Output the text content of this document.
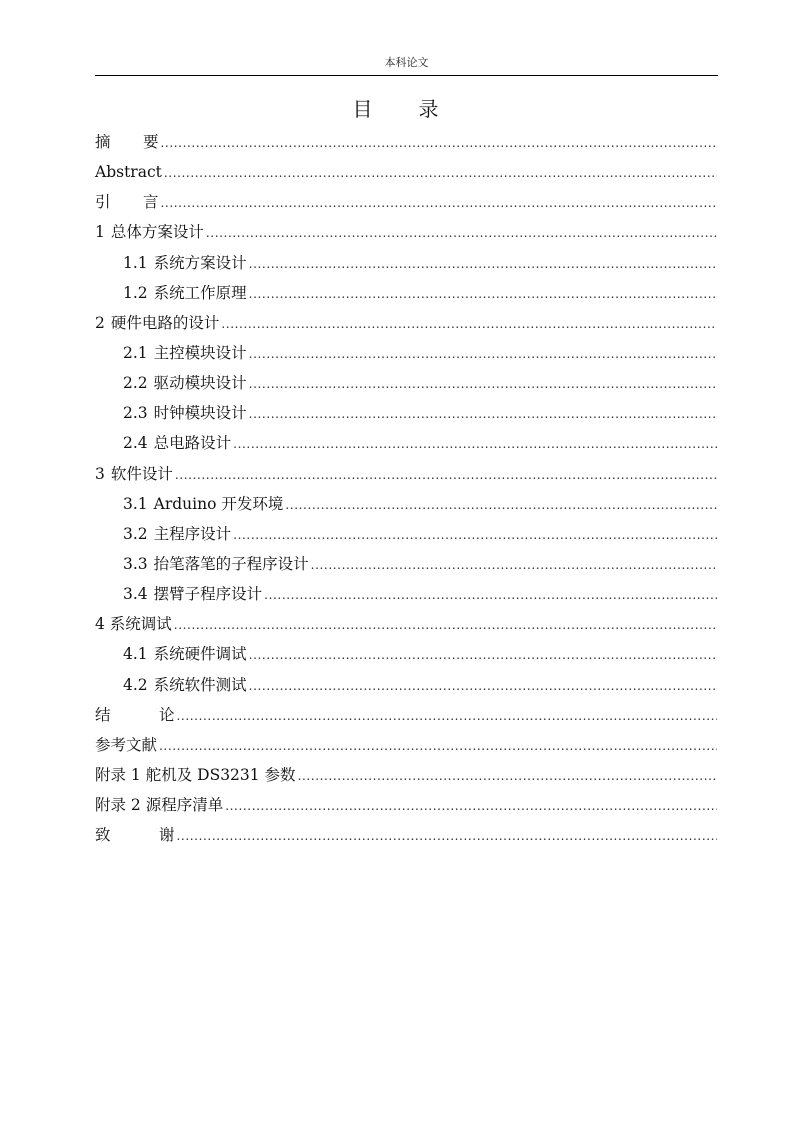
本科论文
目 录
摘 要
.....
Abstract
.....
引 言
.....
1 总体方案设计
.....
1.1 系统方案设计
.....
1.2 系统工作原理
.....
2 硬件电路的设计
.....
2.1 主控模块设计
.....
2.2 驱动模块设计
.....
2.3 时钟模块设计
.....
2.4 总电路设计
.....
3 软件设计
.....
3.1 Arduino 开发环境
.....
3.2 主程序设计
.....
3.3 抬笔落笔的子程序设计
.....
3.4 摆臂子程序设计
.....
4 系统调试
.....
4.1 系统硬件调试
.....
4.2 系统软件测试
.....
结	论
.....
参考文献
.....
附录 1 舵机及 DS3231 参数
.....
附录 2 源程序清单
.....
致	谢
.....
